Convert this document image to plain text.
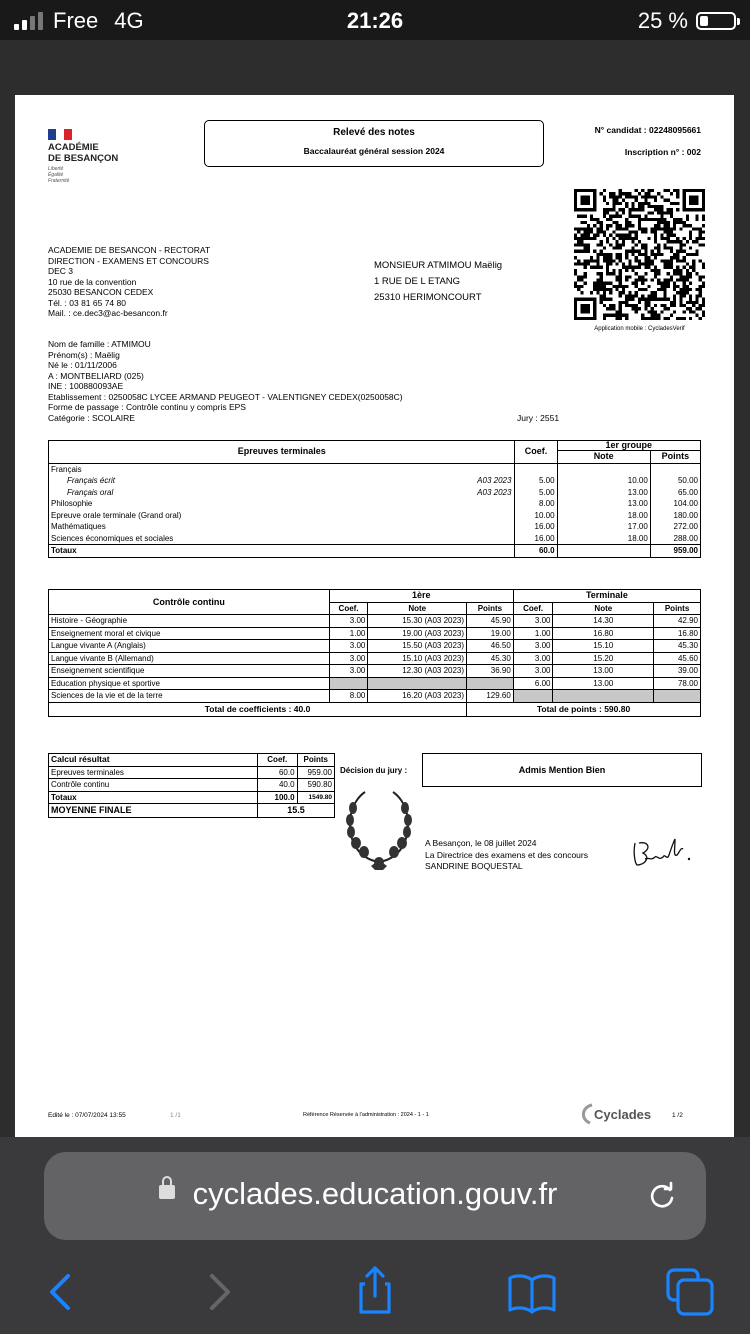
Free 4G	21:26	25 %
ACADÉMIE
DE BESANÇON
Liberté
Égalité
Fraternité
Relevé des notes
Baccalauréat général session 2024
N° candidat : 02248095661
Inscription n° : 002
ACADEMIE DE BESANCON - RECTORAT
DIRECTION - EXAMENS ET CONCOURS
DEC 3
10 rue de la convention
25030 BESANCON CEDEX
Tél. : 03 81 65 74 80
Mail. : ce.dec3@ac-besancon.fr
MONSIEUR ATMIMOU Maëlig
1 RUE DE L ETANG
25310 HERIMONCOURT
Application mobile : CycladesVerif
Nom de famille : ATMIMOU
Prénom(s) : Maëlig
Né le : 01/11/2006
A : MONTBELIARD (025)
INE : 100880093AE
Etablissement : 0250058C LYCEE ARMAND PEUGEOT - VALENTIGNEY CEDEX(0250058C)
Forme de passage : Contrôle continu y compris EPS
Catégorie : SCOLAIRE	Jury : 2551
Epreuves terminales	Coef.	1er groupe	
		Note	Points
Français

Français écrit A03 2023	5.00	10.00	50.00
Français oral A03 2023	5.00	13.00	65.00
Philosophie	8.00	13.00	104.00
Epreuve orale terminale (Grand oral)	10.00	18.00	180.00
Mathématiques	16.00	17.00	272.00
Sciences économiques et sociales	16.00	18.00	288.00
Totaux	60.0		959.00
Contrôle continu	1ère			Terminale		
	Coef.	Note	Points	Coef.	Note	Points
Histoire - Géographie	3.00	15.30 (A03 2023)	45.90	3.00	14.30	42.90
Enseignement moral et civique	1.00	19.00 (A03 2023)	19.00	1.00	16.80	16.80
Langue vivante A (Anglais)	3.00	15.50 (A03 2023)	46.50	3.00	15.10	45.30
Langue vivante B (Allemand)	3.00	15.10 (A03 2023)	45.30	3.00	15.20	45.60
Enseignement scientifique	3.00	12.30 (A03 2023)	36.90	3.00	13.00	39.00
Education physique et sportive				6.00	13.00	78.00
Sciences de la vie et de la terre	8.00	16.20 (A03 2023)	129.60			
Total de coefficients : 40.0			Total de points : 590.80			
Calcul résultat	Coef.	Points
Epreuves terminales	60.0	959.00
Contrôle continu	40.0	590.80
Totaux	100.0	1549.80
MOYENNE FINALE	15.5	
Décision du jury :	Admis Mention Bien
A Besançon, le 08 juillet 2024
La Directrice des examens et des concours
SANDRINE BOQUESTAL
Edité le : 07/07/2024 13:55	1 /1	Référence Réservée à l'administration : 2024 - 1 - 1	Cyclades	1 /2
cyclades.education.gouv.fr
